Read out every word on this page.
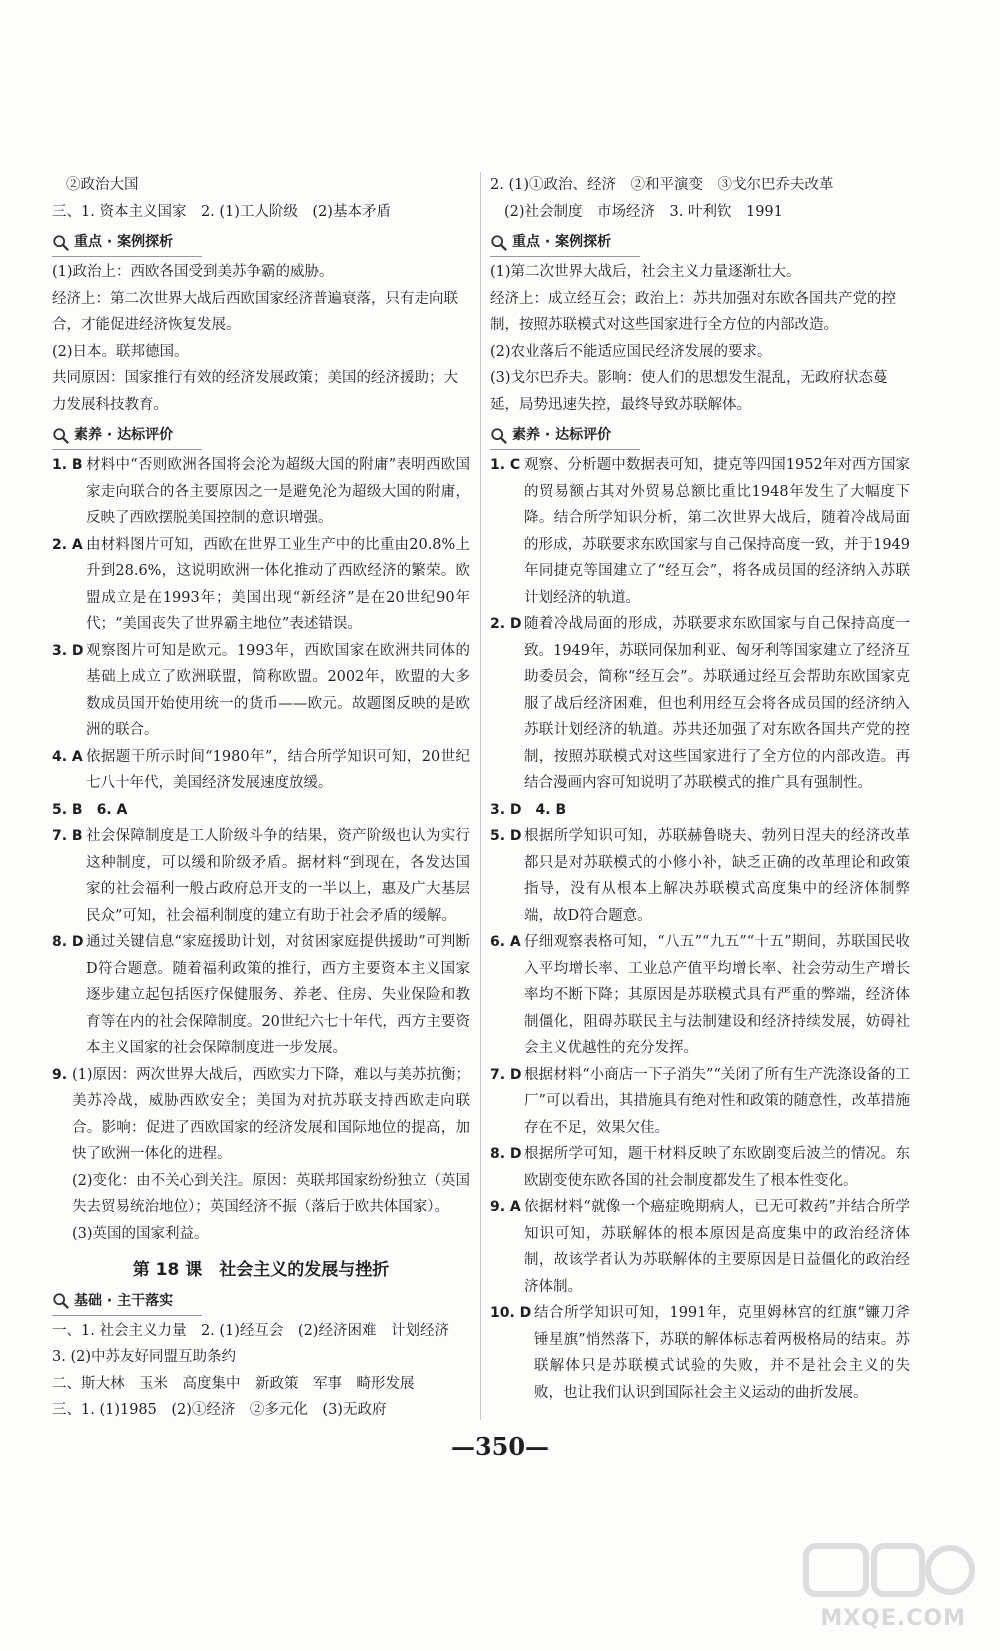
②政治大国
三、1. 资本主义国家　2. (1)工人阶级　(2)基本矛盾
重点 · 案例探析
(1)政治上：西欧各国受到美苏争霸的威胁。
经济上：第二次世界大战后西欧国家经济普遍衰落，只有走向联合，才能促进经济恢复发展。
(2)日本。联邦德国。
共同原因：国家推行有效的经济发展政策；美国的经济援助；大力发展科技教育。
素养 · 达标评价
1. B 材料中“否则欧洲各国将会沦为超级大国的附庸”表明西欧国家走向联合的各主要原因之一是避免沦为超级大国的附庸，反映了西欧摆脱美国控制的意识增强。

2. A 由材料图片可知，西欧在世界工业生产中的比重由20.8%上升到28.6%，这说明欧洲一体化推动了西欧经济的繁荣。欧盟成立是在1993年；美国出现“新经济”是在20世纪90年代；“美国丧失了世界霸主地位”表述错误。

3. D 观察图片可知是欧元。1993年，西欧国家在欧洲共同体的基础上成立了欧洲联盟，简称欧盟。2002年，欧盟的大多数成员国开始使用统一的货币——欧元。故题图反映的是欧洲的联合。

4. A 依据题干所示时间“1980年”，结合所学知识可知，20世纪七八十年代，美国经济发展速度放缓。

5. B　6. A
7. B 社会保障制度是工人阶级斗争的结果，资产阶级也认为实行这种制度，可以缓和阶级矛盾。据材料“到现在，各发达国家的社会福利一般占政府总开支的一半以上，惠及广大基层民众”可知，社会福利制度的建立有助于社会矛盾的缓解。

8. D 通过关键信息“家庭援助计划，对贫困家庭提供援助”可判断D符合题意。随着福利政策的推行，西方主要资本主义国家逐步建立起包括医疗保健服务、养老、住房、失业保险和教育等在内的社会保障制度。20世纪六七十年代，西方主要资本主义国家的社会保障制度进一步发展。

9. (1)原因：两次世界大战后，西欧实力下降，难以与美苏抗衡；美苏冷战，威胁西欧安全；美国为对抗苏联支持西欧走向联合。影响：促进了西欧国家的经济发展和国际地位的提高，加快了欧洲一体化的进程。

(2)变化：由不关心到关注。原因：英联邦国家纷纷独立（英国失去贸易统治地位）；英国经济不振（落后于欧共体国家）。

(3)英国的国家利益。

第 18 课　社会主义的发展与挫折
基础 · 主干落实
一、1. 社会主义力量　2. (1)经互会　(2)经济困难　计划经济　3. (2)中苏友好同盟互助条约
二、斯大林　玉米　高度集中　新政策　军事　畸形发展
三、1. (1)1985　(2)①经济　②多元化　(3)无政府
2. (1)①政治、经济　②和平演变　③戈尔巴乔夫改革
(2)社会制度　市场经济　3. 叶利钦　1991
重点 · 案例探析
(1)第二次世界大战后，社会主义力量逐渐壮大。
经济上：成立经互会；政治上：苏共加强对东欧各国共产党的控制，按照苏联模式对这些国家进行全方位的内部改造。
(2)农业落后不能适应国民经济发展的要求。
(3)戈尔巴乔夫。影响：使人们的思想发生混乱，无政府状态蔓延，局势迅速失控，最终导致苏联解体。
素养 · 达标评价
1. C 观察、分析题中数据表可知，捷克等四国1952年对西方国家的贸易额占其对外贸易总额比重比1948年发生了大幅度下降。结合所学知识分析，第二次世界大战后，随着冷战局面的形成，苏联要求东欧国家与自己保持高度一致，并于1949年同捷克等国建立了“经互会”，将各成员国的经济纳入苏联计划经济的轨道。

2. D 随着冷战局面的形成，苏联要求东欧国家与自己保持高度一致。1949年，苏联同保加利亚、匈牙利等国家建立了经济互助委员会，简称“经互会”。苏联通过经互会帮助东欧国家克服了战后经济困难，但也利用经互会将各成员国的经济纳入苏联计划经济的轨道。苏共还加强了对东欧各国共产党的控制，按照苏联模式对这些国家进行了全方位的内部改造。再结合漫画内容可知说明了苏联模式的推广具有强制性。

3. D　4. B
5. D 根据所学知识可知，苏联赫鲁晓夫、勃列日涅夫的经济改革都只是对苏联模式的小修小补，缺乏正确的改革理论和政策指导，没有从根本上解决苏联模式高度集中的经济体制弊端，故D符合题意。

6. A 仔细观察表格可知，“八五”“九五”“十五”期间，苏联国民收入平均增长率、工业总产值平均增长率、社会劳动生产增长率均不断下降；其原因是苏联模式具有严重的弊端，经济体制僵化，阻碍苏联民主与法制建设和经济持续发展，妨碍社会主义优越性的充分发挥。

7. D 根据材料“小商店一下子消失”“关闭了所有生产洗涤设备的工厂”可以看出，其措施具有绝对性和政策的随意性，改革措施存在不足，效果欠佳。

8. D 根据所学可知，题干材料反映了东欧剧变后波兰的情况。东欧剧变使东欧各国的社会制度都发生了根本性变化。

9. A 依据材料“就像一个癌症晚期病人，已无可救药”并结合所学知识可知，苏联解体的根本原因是高度集中的政治经济体制，故该学者认为苏联解体的主要原因是日益僵化的政治经济体制。

10. D 结合所学知识可知，1991年，克里姆林宫的红旗“镰刀斧锤星旗”悄然落下，苏联的解体标志着两极格局的结束。苏联解体只是苏联模式试验的失败，并不是社会主义的失败，也让我们认识到国际社会主义运动的曲折发展。

—350—
MXQE.COM
